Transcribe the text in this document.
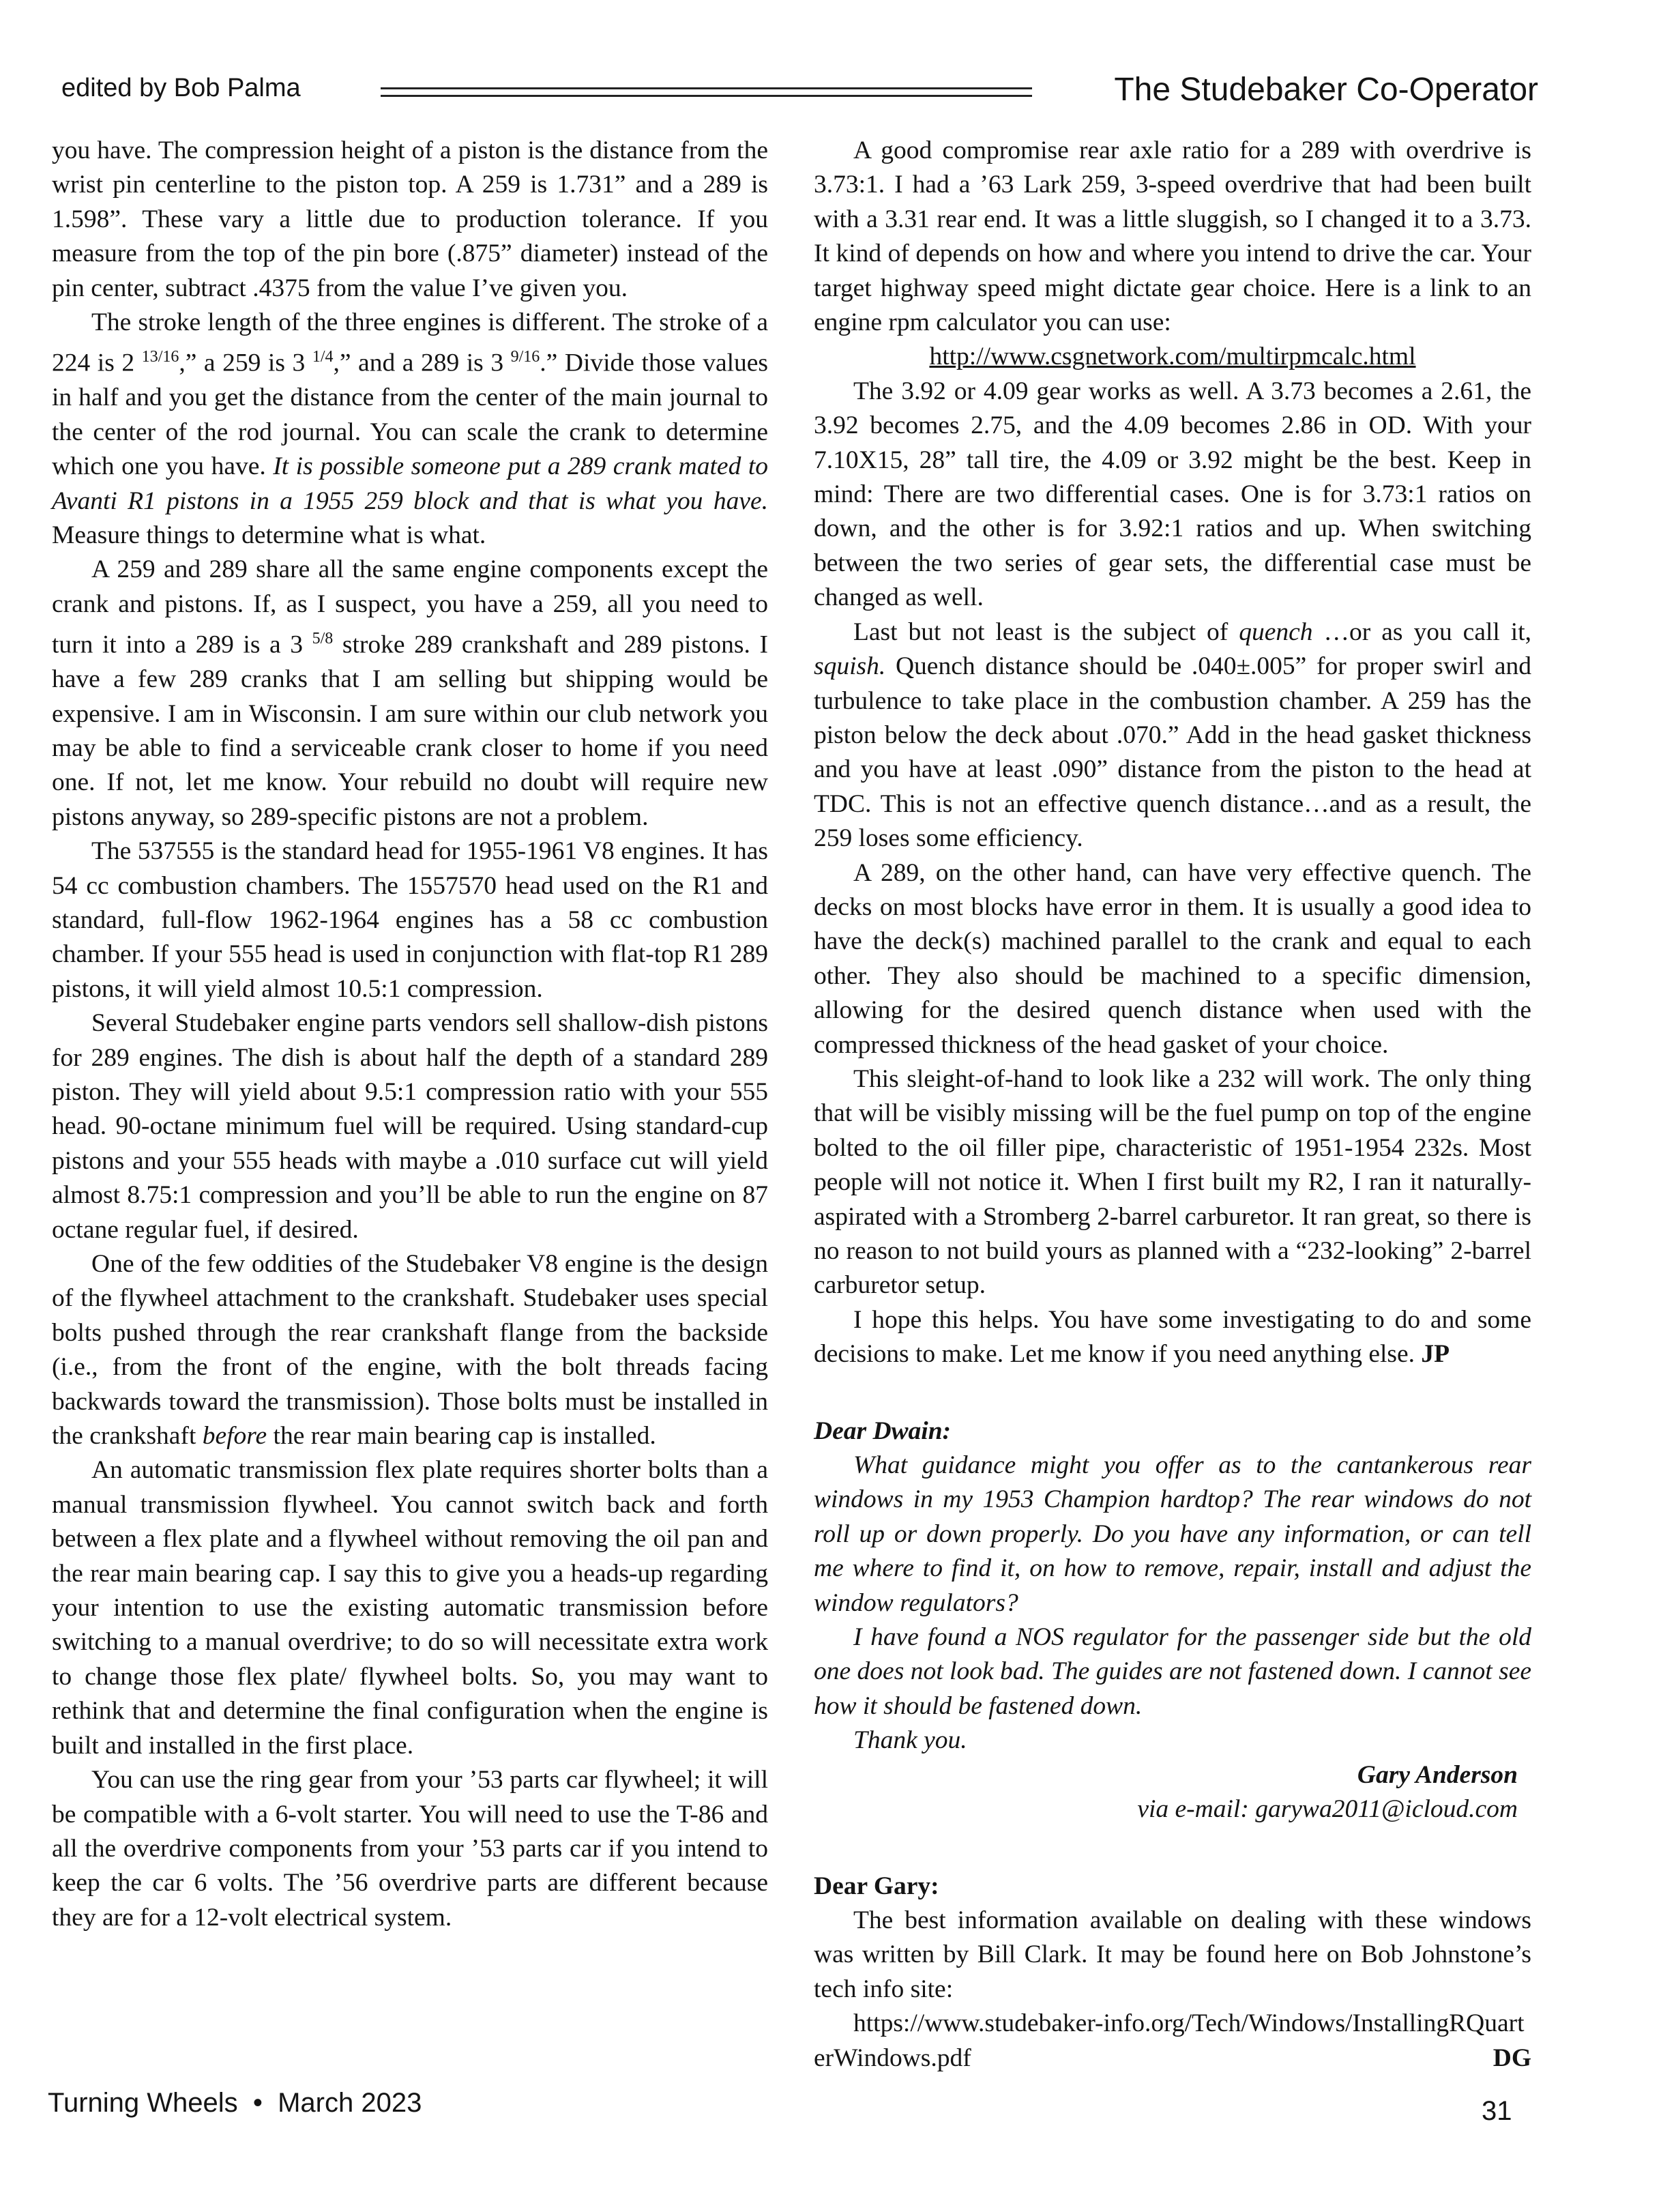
edited by Bob Palma	The Studebaker Co-Operator

you have. The compression height of a piston is the distance from the wrist pin centerline to the piston top. A 259 is 1.731” and a 289 is 1.598”. These vary a little due to production tolerance. If you measure from the top of the pin bore (.875” diameter) instead of the pin center, subtract .4375 from the value I’ve given you.

The stroke length of the three engines is different. The stroke of a 224 is 2 $^{13/16}$,” a 259 is 3 $^{1/4}$,” and a 289 is 3 $^{9/16}$.” Divide those values in half and you get the distance from the center of the main journal to the center of the rod journal. You can scale the crank to determine which one you have. It is possible someone put a 289 crank mated to Avanti R1 pistons in a 1955 259 block and that is what you have. Measure things to determine what is what.

A 259 and 289 share all the same engine components except the crank and pistons. If, as I suspect, you have a 259, all you need to turn it into a 289 is a 3 $^{5/8}$ stroke 289 crankshaft and 289 pistons. I have a few 289 cranks that I am selling but shipping would be expensive. I am in Wisconsin. I am sure within our club network you may be able to find a serviceable crank closer to home if you need one. If not, let me know. Your rebuild no doubt will require new pistons anyway, so 289-specific pistons are not a problem.

The 537555 is the standard head for 1955-1961 V8 engines. It has 54 cc combustion chambers. The 1557570 head used on the R1 and standard, full-flow 1962-1964 engines has a 58 cc combustion chamber. If your 555 head is used in conjunction with flat-top R1 289 pistons, it will yield almost 10.5:1 compression.

Several Studebaker engine parts vendors sell shallow-dish pistons for 289 engines. The dish is about half the depth of a standard 289 piston. They will yield about 9.5:1 compression ratio with your 555 head. 90-octane minimum fuel will be required. Using standard-cup pistons and your 555 heads with maybe a .010 surface cut will yield almost 8.75:1 compression and you’ll be able to run the engine on 87 octane regular fuel, if desired.

One of the few oddities of the Studebaker V8 engine is the design of the flywheel attachment to the crankshaft. Studebaker uses special bolts pushed through the rear crankshaft flange from the backside (i.e., from the front of the engine, with the bolt threads facing backwards toward the transmission). Those bolts must be installed in the crankshaft before the rear main bearing cap is installed.

An automatic transmission flex plate requires shorter bolts than a manual transmission flywheel. You cannot switch back and forth between a flex plate and a flywheel without removing the oil pan and the rear main bearing cap. I say this to give you a heads-up regarding your intention to use the existing automatic transmission before switching to a manual overdrive; to do so will necessitate extra work to change those flex plate/ flywheel bolts. So, you may want to rethink that and determine the final configuration when the engine is built and installed in the first place.

You can use the ring gear from your ’53 parts car flywheel; it will be compatible with a 6-volt starter. You will need to use the T-86 and all the overdrive components from your ’53 parts car if you intend to keep the car 6 volts. The ’56 overdrive parts are different because they are for a 12-volt electrical system.

A good compromise rear axle ratio for a 289 with overdrive is 3.73:1. I had a ’63 Lark 259, 3-speed overdrive that had been built with a 3.31 rear end. It was a little sluggish, so I changed it to a 3.73. It kind of depends on how and where you intend to drive the car. Your target highway speed might dictate gear choice. Here is a link to an engine rpm calculator you can use:

http://www.csgnetwork.com/multirpmcalc.html

The 3.92 or 4.09 gear works as well. A 3.73 becomes a 2.61, the 3.92 becomes 2.75, and the 4.09 becomes 2.86 in OD. With your 7.10X15, 28” tall tire, the 4.09 or 3.92 might be the best. Keep in mind: There are two differential cases. One is for 3.73:1 ratios on down, and the other is for 3.92:1 ratios and up. When switching between the two series of gear sets, the differential case must be changed as well.

Last but not least is the subject of quench …or as you call it, squish. Quench distance should be .040±.005” for proper swirl and turbulence to take place in the combustion chamber. A 259 has the piston below the deck about .070.” Add in the head gasket thickness and you have at least .090” distance from the piston to the head at TDC. This is not an effective quench distance…and as a result, the 259 loses some efficiency.

A 289, on the other hand, can have very effective quench. The decks on most blocks have error in them. It is usually a good idea to have the deck(s) machined parallel to the crank and equal to each other. They also should be machined to a specific dimension, allowing for the desired quench distance when used with the compressed thickness of the head gasket of your choice.

This sleight-of-hand to look like a 232 will work. The only thing that will be visibly missing will be the fuel pump on top of the engine bolted to the oil filler pipe, characteristic of 1951-1954 232s. Most people will not notice it. When I first built my R2, I ran it naturally-aspirated with a Stromberg 2-barrel carburetor. It ran great, so there is no reason to not build yours as planned with a “232-looking” 2-barrel carburetor setup.

I hope this helps. You have some investigating to do and some decisions to make. Let me know if you need anything else. JP

Dear Dwain:

What guidance might you offer as to the cantankerous rear windows in my 1953 Champion hardtop? The rear windows do not roll up or down properly. Do you have any information, or can tell me where to find it, on how to remove, repair, install and adjust the window regulators?

I have found a NOS regulator for the passenger side but the old one does not look bad. The guides are not fastened down. I cannot see how it should be fastened down.

Thank you.

Gary Anderson

via e-mail: garywa2011@icloud.com

Dear Gary:

The best information available on dealing with these windows was written by Bill Clark. It may be found here on Bob Johnstone’s tech info site:

https://www.studebaker-info.org/Tech/Windows/InstallingRQuarterWindows.pdf	DG

Turning Wheels  •  March 2023	31
